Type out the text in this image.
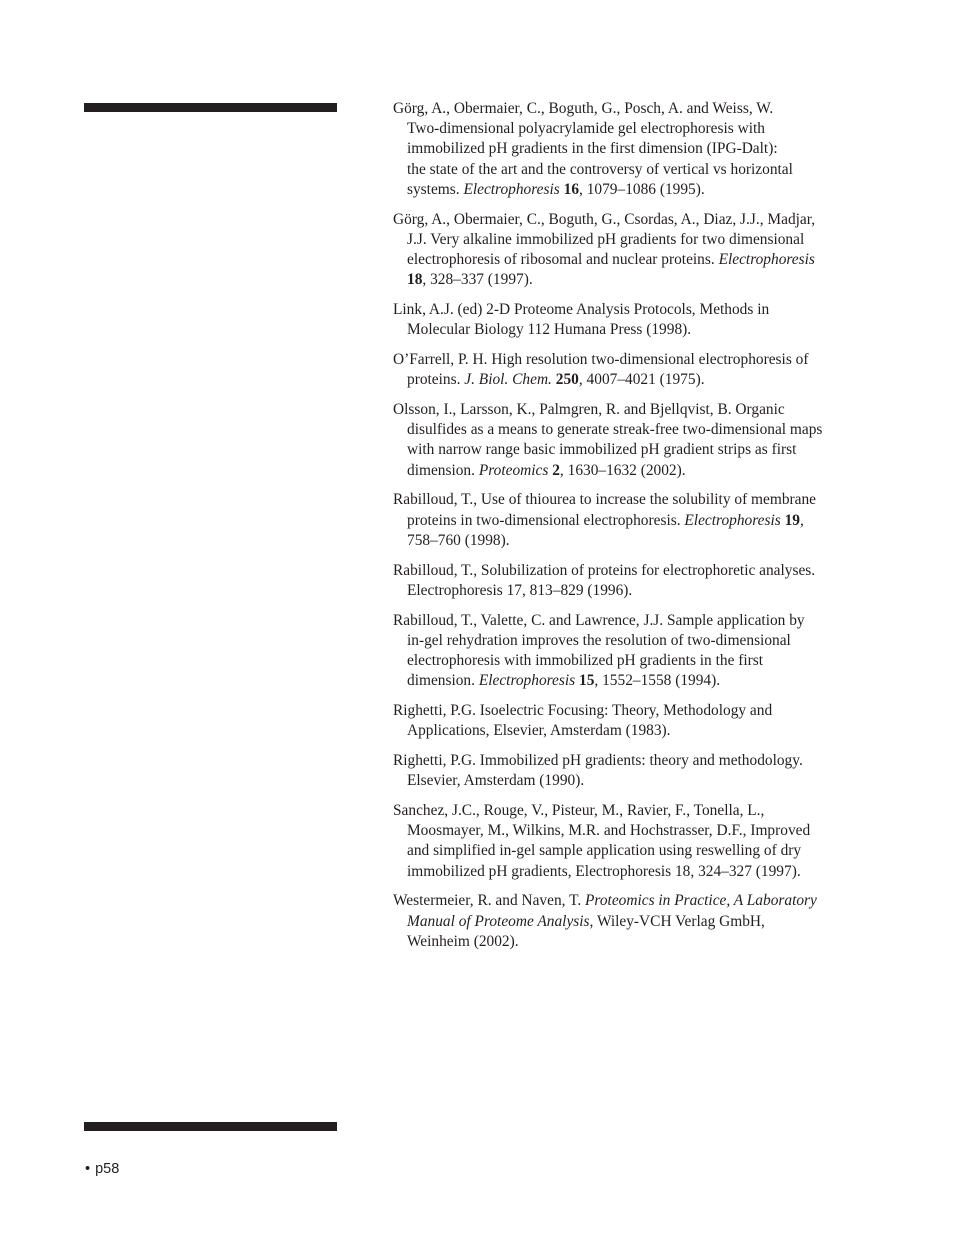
Görg, A., Obermaier, C., Boguth, G., Posch, A. and Weiss, W.
Two-dimensional polyacrylamide gel electrophoresis with
immobilized pH gradients in the first dimension (IPG-Dalt):
the state of the art and the controversy of vertical vs horizontal
systems. Electrophoresis 16, 1079–1086 (1995).
Görg, A., Obermaier, C., Boguth, G., Csordas, A., Diaz, J.J., Madjar,
J.J. Very alkaline immobilized pH gradients for two dimensional
electrophoresis of ribosomal and nuclear proteins. Electrophoresis
18, 328–337 (1997).
Link, A.J. (ed) 2-D Proteome Analysis Protocols, Methods in
Molecular Biology 112 Humana Press (1998).
O’Farrell, P. H. High resolution two-dimensional electrophoresis of
proteins. J. Biol. Chem. 250, 4007–4021 (1975).
Olsson, I., Larsson, K., Palmgren, R. and Bjellqvist, B. Organic
disulfides as a means to generate streak-free two-dimensional maps
with narrow range basic immobilized pH gradient strips as first
dimension. Proteomics 2, 1630–1632 (2002).
Rabilloud, T., Use of thiourea to increase the solubility of membrane
proteins in two-dimensional electrophoresis. Electrophoresis 19,
758–760 (1998).
Rabilloud, T., Solubilization of proteins for electrophoretic analyses.
Electrophoresis 17, 813–829 (1996).
Rabilloud, T., Valette, C. and Lawrence, J.J. Sample application by
in-gel rehydration improves the resolution of two-dimensional
electrophoresis with immobilized pH gradients in the first
dimension. Electrophoresis 15, 1552–1558 (1994).
Righetti, P.G. Isoelectric Focusing: Theory, Methodology and
Applications, Elsevier, Amsterdam (1983).
Righetti, P.G. Immobilized pH gradients: theory and methodology.
Elsevier, Amsterdam (1990).
Sanchez, J.C., Rouge, V., Pisteur, M., Ravier, F., Tonella, L.,
Moosmayer, M., Wilkins, M.R. and Hochstrasser, D.F., Improved
and simplified in-gel sample application using reswelling of dry
immobilized pH gradients, Electrophoresis 18, 324–327 (1997).
Westermeier, R. and Naven, T. Proteomics in Practice, A Laboratory
Manual of Proteome Analysis, Wiley-VCH Verlag GmbH,
Weinheim (2002).
• p58
